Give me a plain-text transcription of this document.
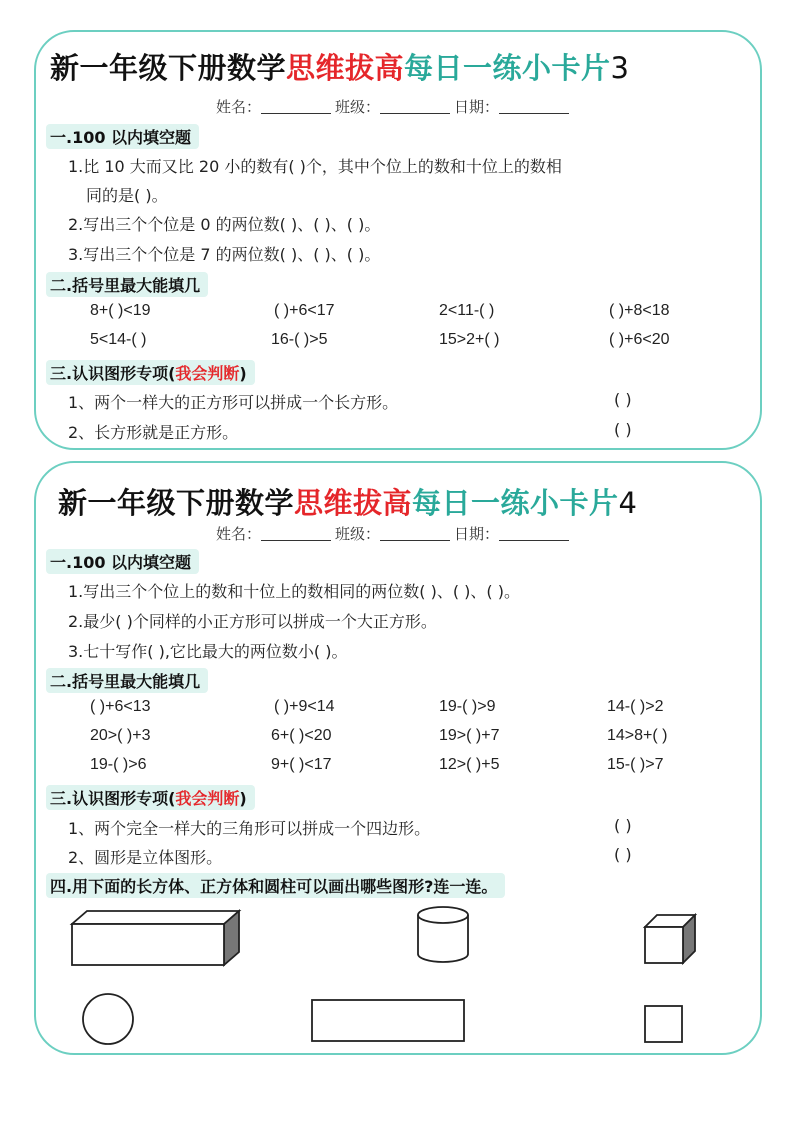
新一年级下册数学思维拔高每日一练小卡片3
姓名：	班级：	日期：
一.100 以内填空题
1.比 10 大而又比 20 小的数有( )个，其中个位上的数和十位上的数相
同的是( )。
2.写出三个个位是 0 的两位数( )、( )、( )。
3.写出三个个位是 7 的两位数( )、( )、( )。
二.括号里最大能填几
8+( )<19	( )+6<17	2<11-( )	( )+8<18
5<14-( )	16-( )>5	15>2+( )	( )+6<20
三.认识图形专项(我会判断)
1、两个一样大的正方形可以拼成一个长方形。	( )
2、长方形就是正方形。	( )
新一年级下册数学思维拔高每日一练小卡片4
姓名：	班级：	日期：
一.100 以内填空题
1.写出三个个位上的数和十位上的数相同的两位数( )、( )、( )。
2.最少( )个同样的小正方形可以拼成一个大正方形。
3.七十写作( ),它比最大的两位数小( )。
二.括号里最大能填几
( )+6<13	( )+9<14	19-( )>9	14-( )>2
20>( )+3	6+( )<20	19>( )+7	14>8+( )
19-( )>6	9+( )<17	12>( )+5	15-( )>7
三.认识图形专项(我会判断)
1、两个完全一样大的三角形可以拼成一个四边形。	( )
2、圆形是立体图形。	( )
四.用下面的长方体、正方体和圆柱可以画出哪些图形?连一连。
